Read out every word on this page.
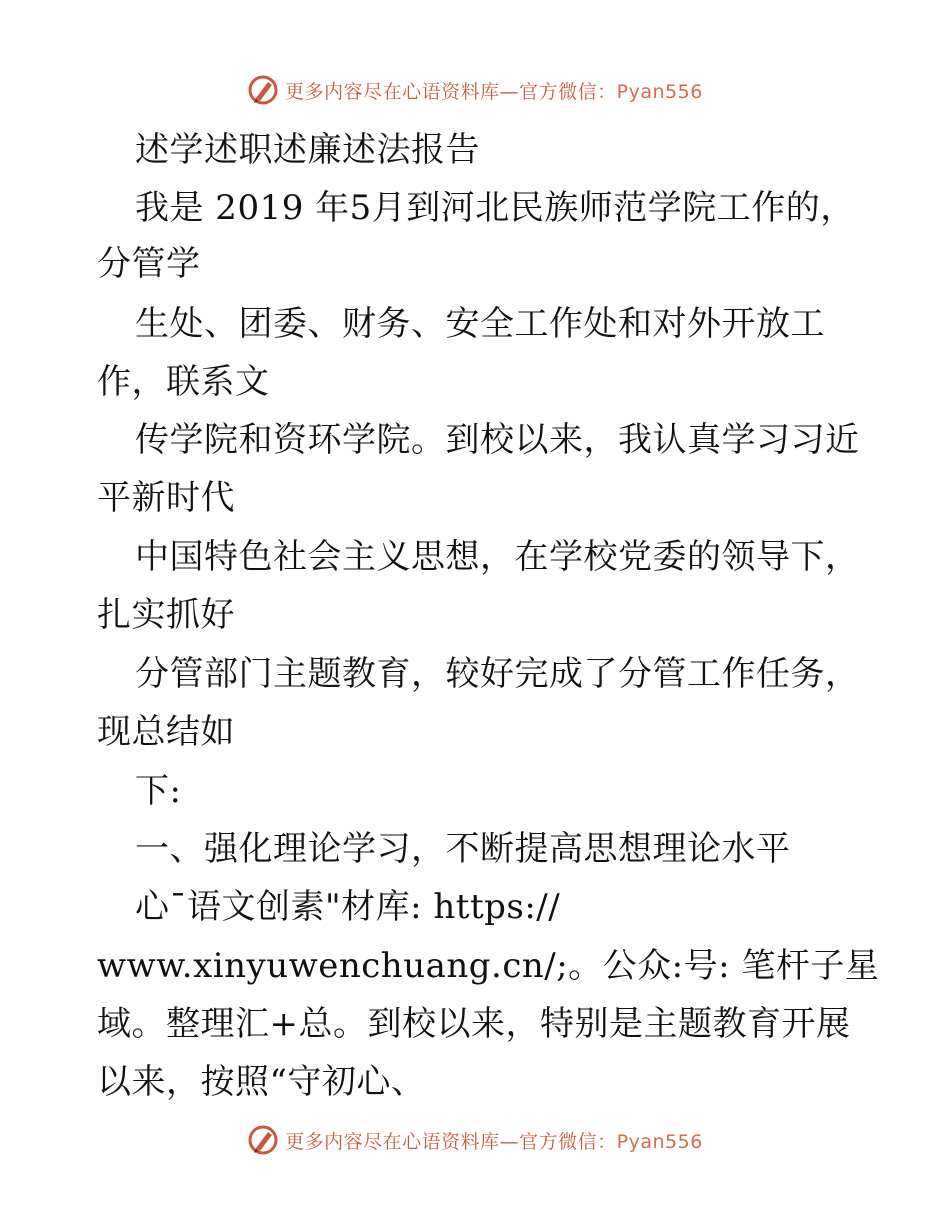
更多内容尽在心语资料库—官方微信：Pyan556
述学述职述廉述法报告
我是 2019 年5月到河北民族师范学院工作的，
分管学
生处、团委、财务、安全工作处和对外开放工
作，联系文
传学院和资环学院。到校以来，我认真学习习近
平新时代
中国特色社会主义思想，在学校党委的领导下，
扎实抓好
分管部门主题教育，较好完成了分管工作任务，
现总结如
下:
一、强化理论学习，不断提高思想理论水平
心¯语文创素"材库: https://
www.xinyuwenchuang.cn/;。公众:号: 笔杆子星
域。整理汇+总。到校以来，特别是主题教育开展
以来，按照“守初心、
更多内容尽在心语资料库—官方微信：Pyan556
